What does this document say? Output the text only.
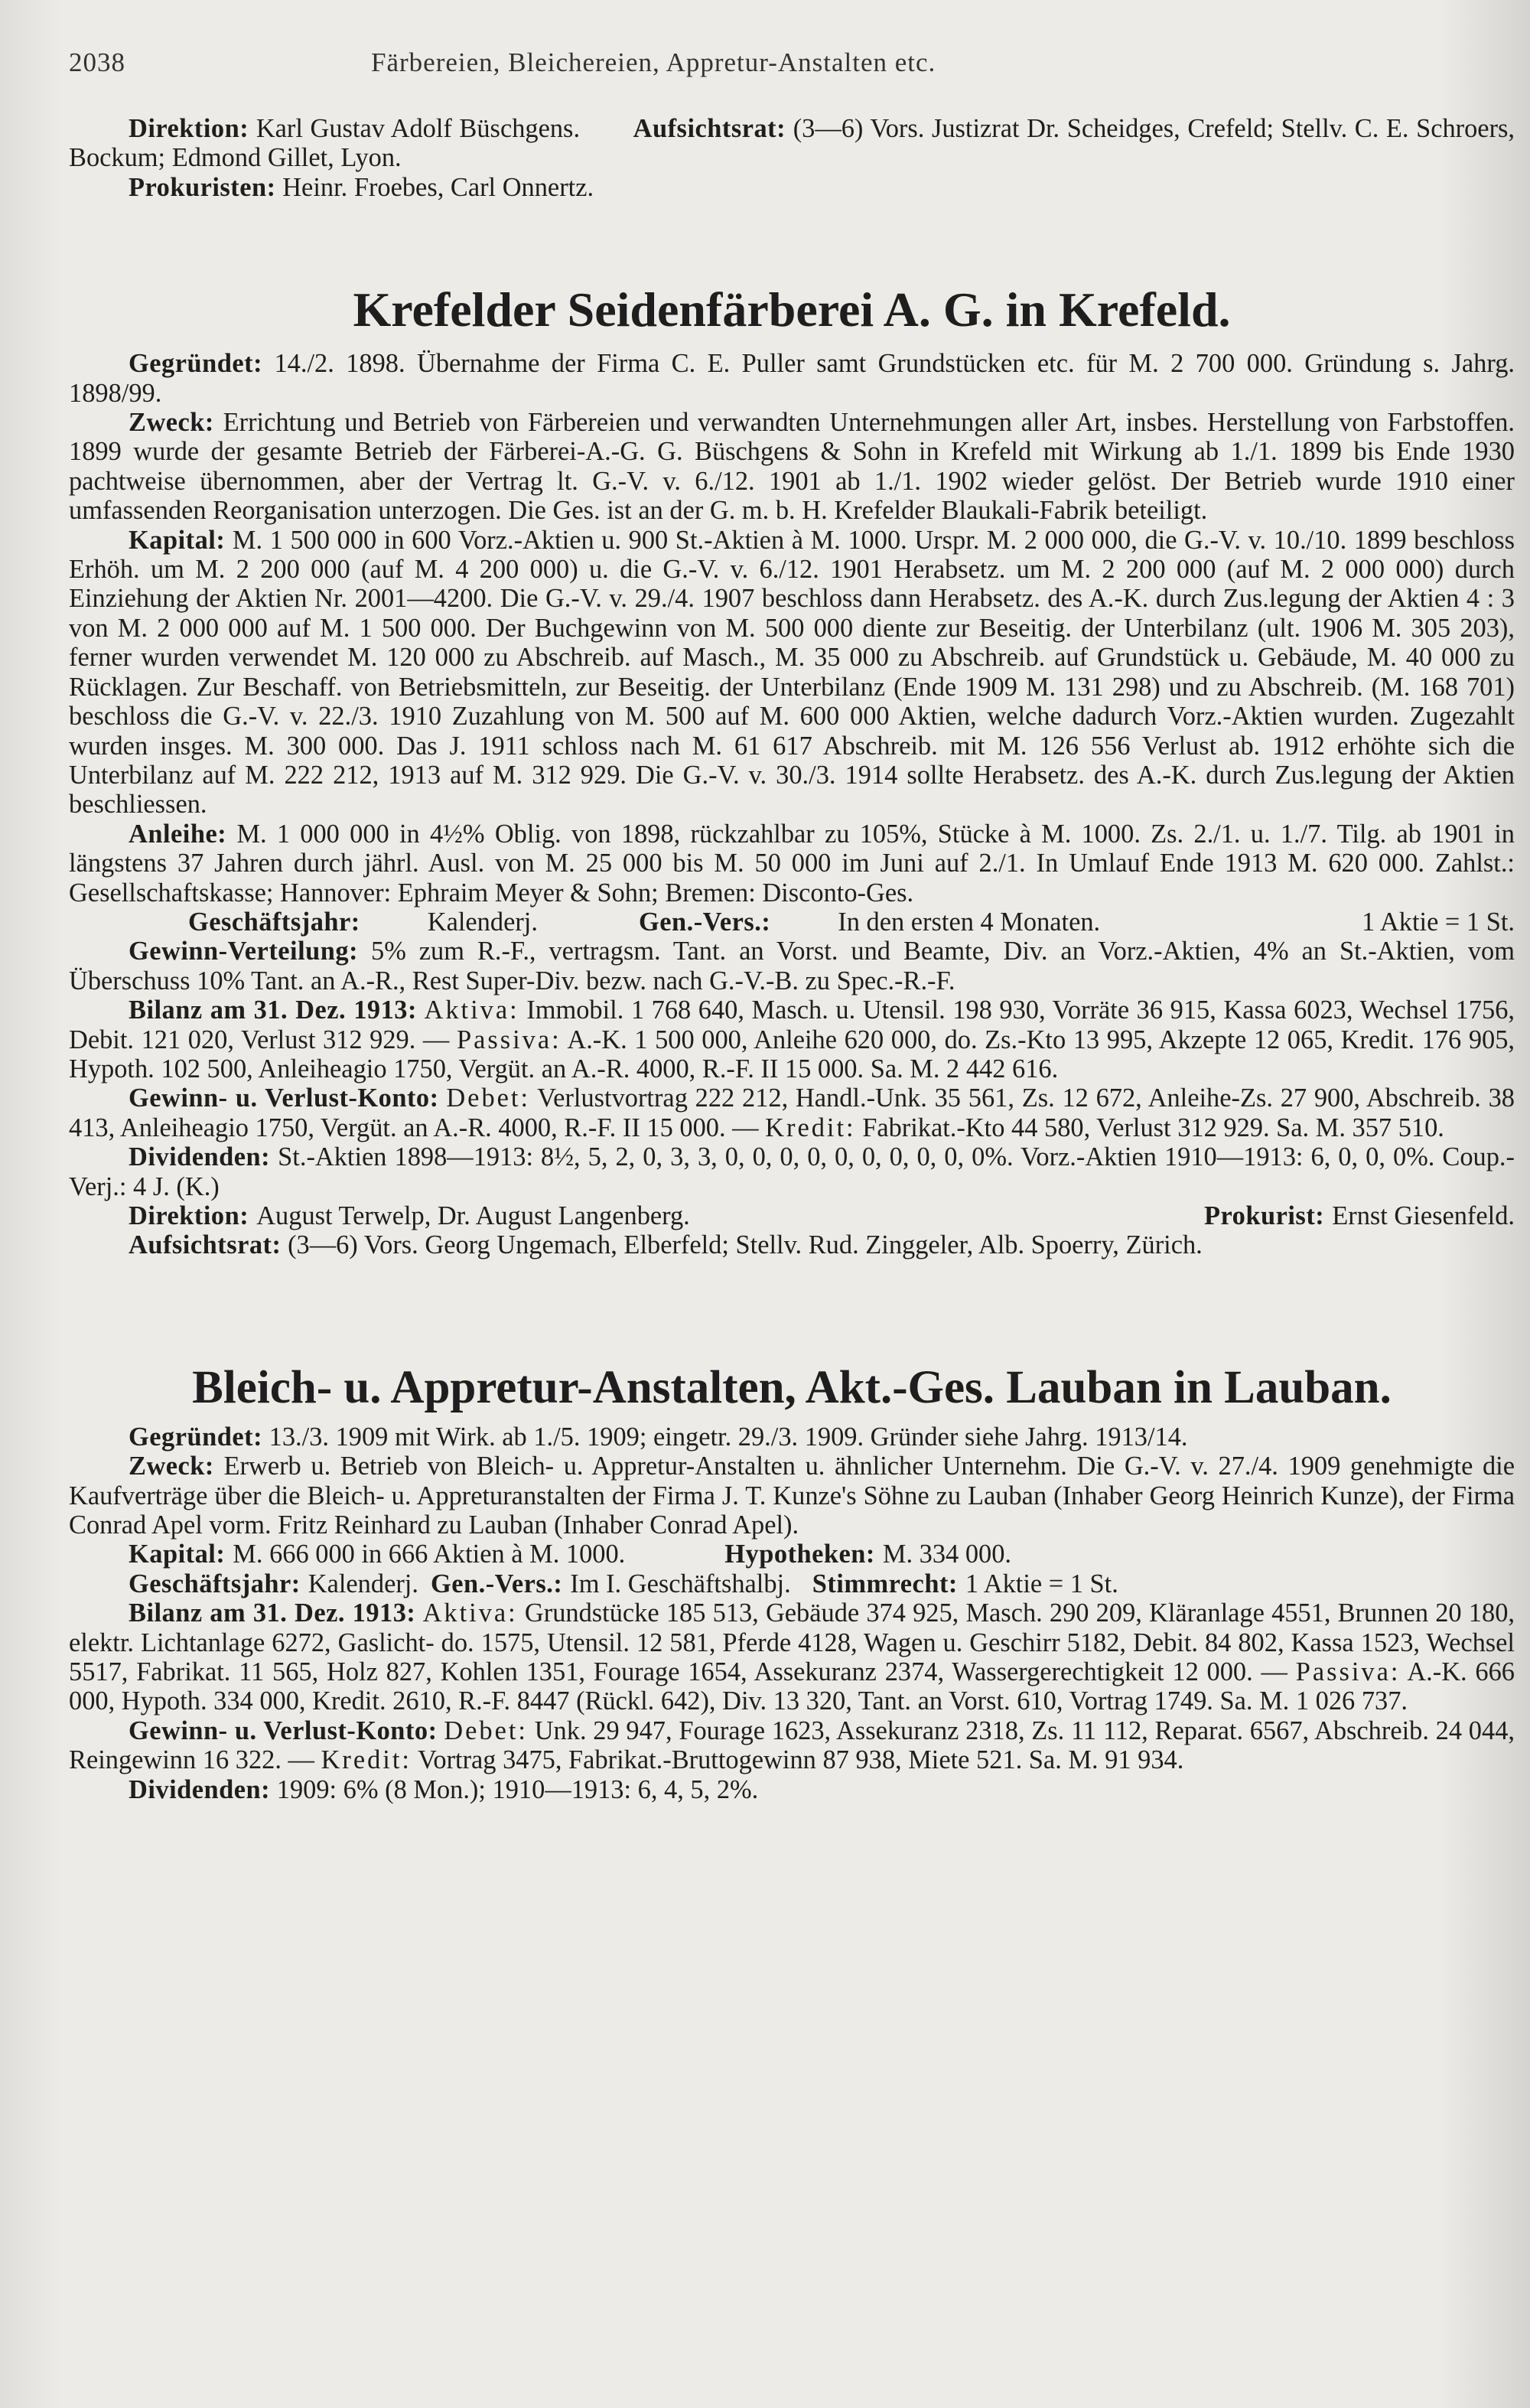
2038	Färbereien, Bleichereien, Appretur-Anstalten etc.

Direktion: Karl Gustav Adolf Büschgens. Aufsichtsrat: (3—6) Vors. Justizrat Dr. Scheidges, Crefeld; Stellv. C. E. Schroers, Bockum; Edmond Gillet, Lyon.

Prokuristen: Heinr. Froebes, Carl Onnertz.

Krefelder Seidenfärberei A. G. in Krefeld.

Gegründet: 14./2. 1898. Übernahme der Firma C. E. Puller samt Grundstücken etc. für M. 2 700 000. Gründung s. Jahrg. 1898/99.

Zweck: Errichtung und Betrieb von Färbereien und verwandten Unternehmungen aller Art, insbes. Herstellung von Farbstoffen. 1899 wurde der gesamte Betrieb der Färberei-A.-G. G. Büschgens & Sohn in Krefeld mit Wirkung ab 1./1. 1899 bis Ende 1930 pachtweise übernommen, aber der Vertrag lt. G.-V. v. 6./12. 1901 ab 1./1. 1902 wieder gelöst. Der Betrieb wurde 1910 einer umfassenden Reorganisation unterzogen. Die Ges. ist an der G. m. b. H. Krefelder Blaukali-Fabrik beteiligt.

Kapital: M. 1 500 000 in 600 Vorz.-Aktien u. 900 St.-Aktien à M. 1000. Urspr. M. 2 000 000, die G.-V. v. 10./10. 1899 beschloss Erhöh. um M. 2 200 000 (auf M. 4 200 000) u. die G.-V. v. 6./12. 1901 Herabsetz. um M. 2 200 000 (auf M. 2 000 000) durch Einziehung der Aktien Nr. 2001—4200. Die G.-V. v. 29./4. 1907 beschloss dann Herabsetz. des A.-K. durch Zus.legung der Aktien 4 : 3 von M. 2 000 000 auf M. 1 500 000. Der Buchgewinn von M. 500 000 diente zur Beseitig. der Unterbilanz (ult. 1906 M. 305 203), ferner wurden verwendet M. 120 000 zu Abschreib. auf Masch., M. 35 000 zu Abschreib. auf Grundstück u. Gebäude, M. 40 000 zu Rücklagen. Zur Beschaff. von Betriebsmitteln, zur Beseitig. der Unterbilanz (Ende 1909 M. 131 298) und zu Abschreib. (M. 168 701) beschloss die G.-V. v. 22./3. 1910 Zuzahlung von M. 500 auf M. 600 000 Aktien, welche dadurch Vorz.-Aktien wurden. Zugezahlt wurden insges. M. 300 000. Das J. 1911 schloss nach M. 61 617 Abschreib. mit M. 126 556 Verlust ab. 1912 erhöhte sich die Unterbilanz auf M. 222 212, 1913 auf M. 312 929. Die G.-V. v. 30./3. 1914 sollte Herabsetz. des A.-K. durch Zus.legung der Aktien beschliessen.

Anleihe: M. 1 000 000 in 4½% Oblig. von 1898, rückzahlbar zu 105%, Stücke à M. 1000. Zs. 2./1. u. 1./7. Tilg. ab 1901 in längstens 37 Jahren durch jährl. Ausl. von M. 25 000 bis M. 50 000 im Juni auf 2./1. In Umlauf Ende 1913 M. 620 000. Zahlst.: Gesellschaftskasse; Hannover: Ephraim Meyer & Sohn; Bremen: Disconto-Ges.

Geschäftsjahr:	Kalenderj.	Gen.-Vers.:	In den ersten 4 Monaten.	1 Aktie = 1 St.

Gewinn-Verteilung: 5% zum R.-F., vertragsm. Tant. an Vorst. und Beamte, Div. an Vorz.-Aktien, 4% an St.-Aktien, vom Überschuss 10% Tant. an A.-R., Rest Super-Div. bezw. nach G.-V.-B. zu Spec.-R.-F.

Bilanz am 31. Dez. 1913: Aktiva: Immobil. 1 768 640, Masch. u. Utensil. 198 930, Vorräte 36 915, Kassa 6023, Wechsel 1756, Debit. 121 020, Verlust 312 929. — Passiva: A.-K. 1 500 000, Anleihe 620 000, do. Zs.-Kto 13 995, Akzepte 12 065, Kredit. 176 905, Hypoth. 102 500, Anleiheagio 1750, Vergüt. an A.-R. 4000, R.-F. II 15 000. Sa. M. 2 442 616.

Gewinn- u. Verlust-Konto: Debet: Verlustvortrag 222 212, Handl.-Unk. 35 561, Zs. 12 672, Anleihe-Zs. 27 900, Abschreib. 38 413, Anleiheagio 1750, Vergüt. an A.-R. 4000, R.-F. II 15 000. — Kredit: Fabrikat.-Kto 44 580, Verlust 312 929. Sa. M. 357 510.

Dividenden: St.-Aktien 1898—1913: 8½, 5, 2, 0, 3, 3, 0, 0, 0, 0, 0, 0, 0, 0, 0, 0%. Vorz.-Aktien 1910—1913: 6, 0, 0, 0%. Coup.-Verj.: 4 J. (K.)

Direktion: August Terwelp, Dr. August Langenberg.	Prokurist: Ernst Giesenfeld.

Aufsichtsrat: (3—6) Vors. Georg Ungemach, Elberfeld; Stellv. Rud. Zinggeler, Alb. Spoerry, Zürich.

Bleich- u. Appretur-Anstalten, Akt.-Ges. Lauban in Lauban.

Gegründet: 13./3. 1909 mit Wirk. ab 1./5. 1909; eingetr. 29./3. 1909. Gründer siehe Jahrg. 1913/14.

Zweck: Erwerb u. Betrieb von Bleich- u. Appretur-Anstalten u. ähnlicher Unternehm. Die G.-V. v. 27./4. 1909 genehmigte die Kaufverträge über die Bleich- u. Appreturanstalten der Firma J. T. Kunze's Söhne zu Lauban (Inhaber Georg Heinrich Kunze), der Firma Conrad Apel vorm. Fritz Reinhard zu Lauban (Inhaber Conrad Apel).

Kapital: M. 666 000 in 666 Aktien à M. 1000.	Hypotheken: M. 334 000.
Geschäftsjahr: Kalenderj. Gen.-Vers.: Im I. Geschäftshalbj. Stimmrecht: 1 Aktie = 1 St.

Bilanz am 31. Dez. 1913: Aktiva: Grundstücke 185 513, Gebäude 374 925, Masch. 290 209, Kläranlage 4551, Brunnen 20 180, elektr. Lichtanlage 6272, Gaslicht- do. 1575, Utensil. 12 581, Pferde 4128, Wagen u. Geschirr 5182, Debit. 84 802, Kassa 1523, Wechsel 5517, Fabrikat. 11 565, Holz 827, Kohlen 1351, Fourage 1654, Assekuranz 2374, Wassergerechtigkeit 12 000. — Passiva: A.-K. 666 000, Hypoth. 334 000, Kredit. 2610, R.-F. 8447 (Rückl. 642), Div. 13 320, Tant. an Vorst. 610, Vortrag 1749. Sa. M. 1 026 737.

Gewinn- u. Verlust-Konto: Debet: Unk. 29 947, Fourage 1623, Assekuranz 2318, Zs. 11 112, Reparat. 6567, Abschreib. 24 044, Reingewinn 16 322. — Kredit: Vortrag 3475, Fabrikat.-Bruttogewinn 87 938, Miete 521. Sa. M. 91 934.

Dividenden: 1909: 6% (8 Mon.); 1910—1913: 6, 4, 5, 2%.
